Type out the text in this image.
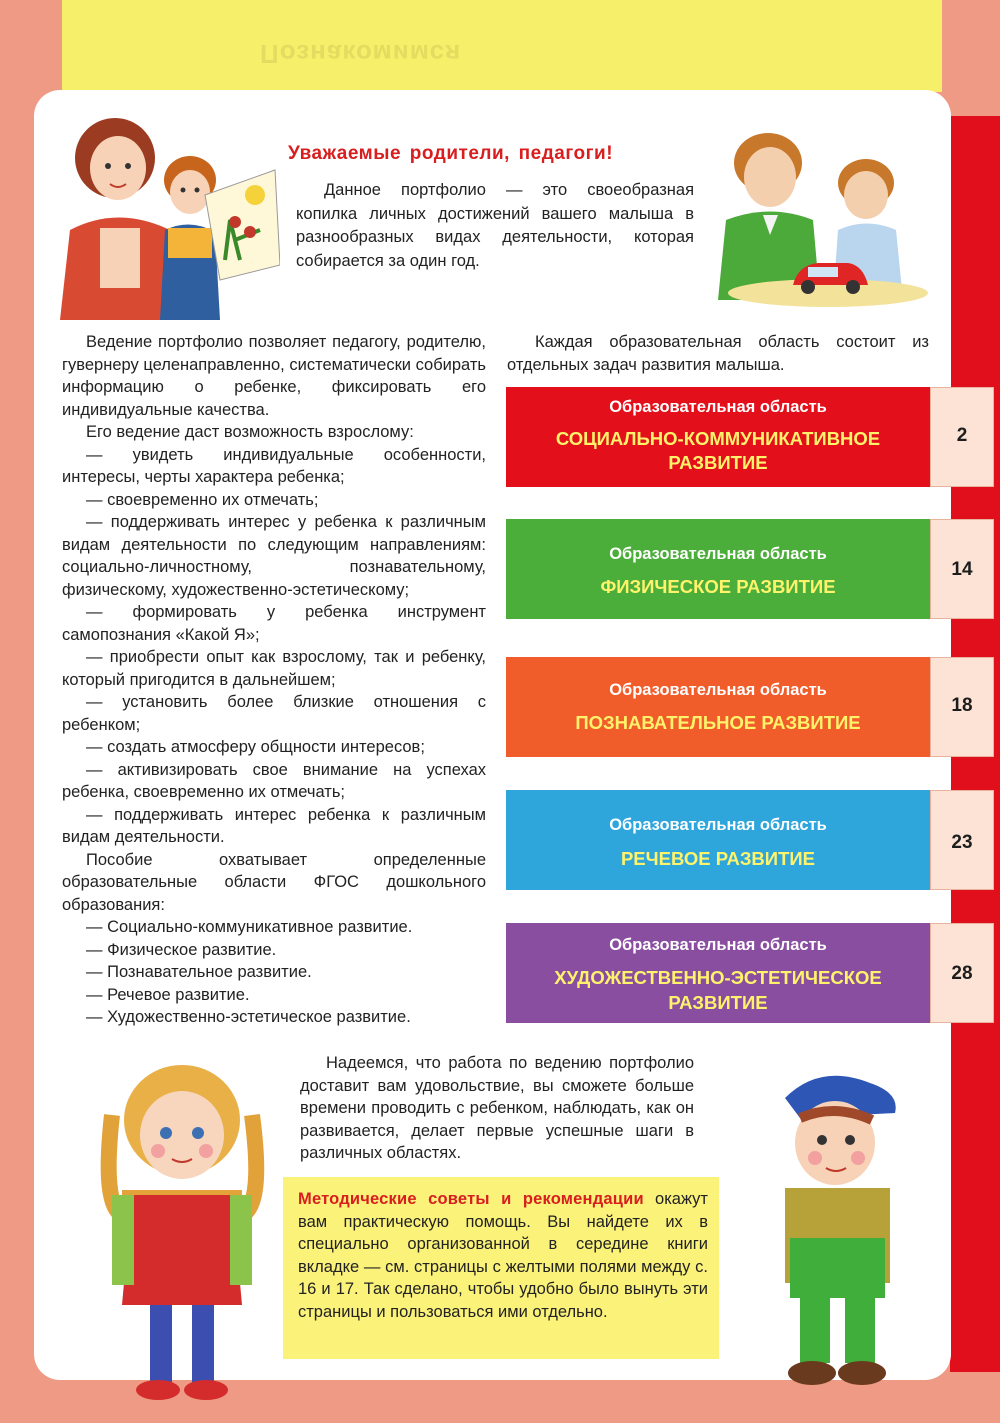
Познакомимся
Уважаемые родители, педагоги!
Данное портфолио — это своеобразная копилка личных достижений вашего малыша в разнообразных видах деятельности, которая собирается за один год.

Ведение портфолио позволяет педагогу, родителю, гувернеру целенаправленно, систематически собирать информацию о ребенке, фиксировать его индивидуальные качества.

Его ведение даст возможность взрослому:

— увидеть индивидуальные особенности, интересы, черты характера ребенка;

— своевременно их отмечать;

— поддерживать интерес у ребенка к различным видам деятельности по следующим направлениям: социально-личностному, познавательному, физическому, художественно-эстетическому;

— формировать у ребенка инструмент самопознания «Какой Я»;

— приобрести опыт как взрослому, так и ребенку, который пригодится в дальнейшем;

— установить более близкие отношения с ребенком;

— создать атмосферу общности интересов;

— активизировать свое внимание на успехах ребенка, своевременно их отмечать;

— поддерживать интерес ребенка к различным видам деятельности.

Пособие охватывает определенные образовательные области ФГОС дошкольного образования:

— Социально-коммуникативное развитие.

— Физическое развитие.

— Познавательное развитие.

— Речевое развитие.

— Художественно-эстетическое развитие.

Каждая образовательная область состоит из отдельных задач развития малыша.
Образовательная область
СОЦИАЛЬНО-КОММУНИКАТИВНОЕ
РАЗВИТИЕ
2
Образовательная область
ФИЗИЧЕСКОЕ РАЗВИТИЕ
14
Образовательная область
ПОЗНАВАТЕЛЬНОЕ РАЗВИТИЕ
18
Образовательная область
РЕЧЕВОЕ РАЗВИТИЕ
23
Образовательная область
ХУДОЖЕСТВЕННО-ЭСТЕТИЧЕСКОЕ
РАЗВИТИЕ
28
Надеемся, что работа по ведению портфолио доставит вам удовольствие, вы сможете больше времени проводить с ребенком, наблюдать, как он развивается, делает первые успешные шаги в различных областях.
Методические советы и рекомендации окажут вам практическую помощь. Вы найдете их в специально организованной в середине книги вкладке — см. страницы с желтыми полями между с. 16 и 17. Так сделано, чтобы удобно было вынуть эти страницы и пользоваться ими отдельно.
